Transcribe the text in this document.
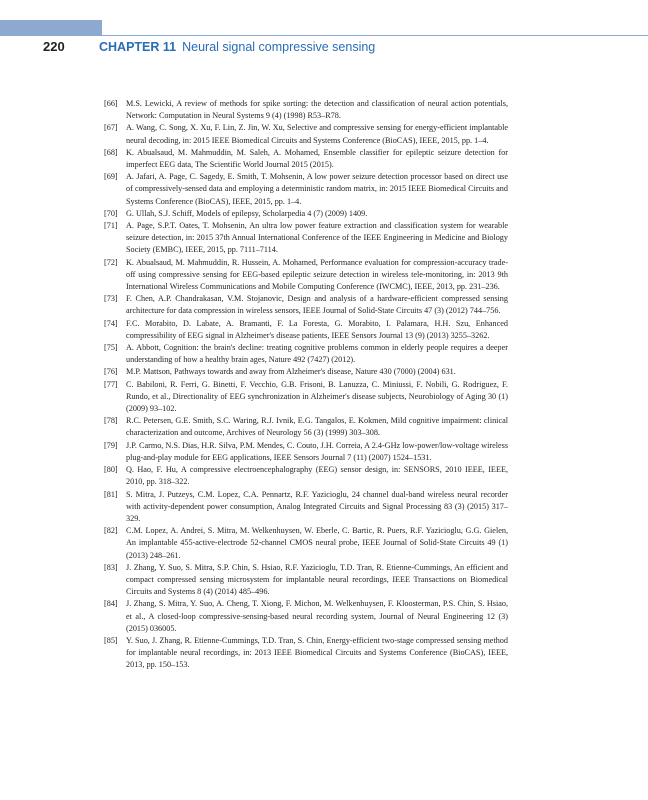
220	CHAPTER 11 Neural signal compressive sensing
[66] M.S. Lewicki, A review of methods for spike sorting: the detection and classification of neural action potentials, Network: Computation in Neural Systems 9 (4) (1998) R53–R78.
[67] A. Wang, C. Song, X. Xu, F. Lin, Z. Jin, W. Xu, Selective and compressive sensing for energy-efficient implantable neural decoding, in: 2015 IEEE Biomedical Circuits and Systems Conference (BioCAS), IEEE, 2015, pp. 1–4.
[68] K. Abualsaud, M. Mahmuddin, M. Saleh, A. Mohamed, Ensemble classifier for epileptic seizure detection for imperfect EEG data, The Scientific World Journal 2015 (2015).
[69] A. Jafari, A. Page, C. Sagedy, E. Smith, T. Mohsenin, A low power seizure detection processor based on direct use of compressively-sensed data and employing a deterministic random matrix, in: 2015 IEEE Biomedical Circuits and Systems Conference (BioCAS), IEEE, 2015, pp. 1–4.
[70] G. Ullah, S.J. Schiff, Models of epilepsy, Scholarpedia 4 (7) (2009) 1409.
[71] A. Page, S.P.T. Oates, T. Mohsenin, An ultra low power feature extraction and classification system for wearable seizure detection, in: 2015 37th Annual International Conference of the IEEE Engineering in Medicine and Biology Society (EMBC), IEEE, 2015, pp. 7111–7114.
[72] K. Abualsaud, M. Mahmuddin, R. Hussein, A. Mohamed, Performance evaluation for compression-accuracy trade-off using compressive sensing for EEG-based epileptic seizure detection in wireless tele-monitoring, in: 2013 9th International Wireless Communications and Mobile Computing Conference (IWCMC), IEEE, 2013, pp. 231–236.
[73] F. Chen, A.P. Chandrakasan, V.M. Stojanovic, Design and analysis of a hardware-efficient compressed sensing architecture for data compression in wireless sensors, IEEE Journal of Solid-State Circuits 47 (3) (2012) 744–756.
[74] F.C. Morabito, D. Labate, A. Bramanti, F. La Foresta, G. Morabito, I. Palamara, H.H. Szu, Enhanced compressibility of EEG signal in Alzheimer's disease patients, IEEE Sensors Journal 13 (9) (2013) 3255–3262.
[75] A. Abbott, Cognition: the brain's decline: treating cognitive problems common in elderly people requires a deeper understanding of how a healthy brain ages, Nature 492 (7427) (2012).
[76] M.P. Mattson, Pathways towards and away from Alzheimer's disease, Nature 430 (7000) (2004) 631.
[77] C. Babiloni, R. Ferri, G. Binetti, F. Vecchio, G.B. Frisoni, B. Lanuzza, C. Miniussi, F. Nobili, G. Rodriguez, F. Rundo, et al., Directionality of EEG synchronization in Alzheimer's disease subjects, Neurobiology of Aging 30 (1) (2009) 93–102.
[78] R.C. Petersen, G.E. Smith, S.C. Waring, R.J. Ivnik, E.G. Tangalos, E. Kokmen, Mild cognitive impairment: clinical characterization and outcome, Archives of Neurology 56 (3) (1999) 303–308.
[79] J.P. Carmo, N.S. Dias, H.R. Silva, P.M. Mendes, C. Couto, J.H. Correia, A 2.4-GHz low-power/low-voltage wireless plug-and-play module for EEG applications, IEEE Sensors Journal 7 (11) (2007) 1524–1531.
[80] Q. Hao, F. Hu, A compressive electroencephalography (EEG) sensor design, in: SENSORS, 2010 IEEE, IEEE, 2010, pp. 318–322.
[81] S. Mitra, J. Putzeys, C.M. Lopez, C.A. Pennartz, R.F. Yazicioglu, 24 channel dual-band wireless neural recorder with activity-dependent power consumption, Analog Integrated Circuits and Signal Processing 83 (3) (2015) 317–329.
[82] C.M. Lopez, A. Andrei, S. Mitra, M. Welkenhuysen, W. Eberle, C. Bartic, R. Puers, R.F. Yazicioglu, G.G. Gielen, An implantable 455-active-electrode 52-channel CMOS neural probe, IEEE Journal of Solid-State Circuits 49 (1) (2013) 248–261.
[83] J. Zhang, Y. Suo, S. Mitra, S.P. Chin, S. Hsiao, R.F. Yazicioglu, T.D. Tran, R. Etienne-Cummings, An efficient and compact compressed sensing microsystem for implantable neural recordings, IEEE Transactions on Biomedical Circuits and Systems 8 (4) (2014) 485–496.
[84] J. Zhang, S. Mitra, Y. Suo, A. Cheng, T. Xiong, F. Michon, M. Welkenhuysen, F. Kloosterman, P.S. Chin, S. Hsiao, et al., A closed-loop compressive-sensing-based neural recording system, Journal of Neural Engineering 12 (3) (2015) 036005.
[85] Y. Suo, J. Zhang, R. Etienne-Cummings, T.D. Tran, S. Chin, Energy-efficient two-stage compressed sensing method for implantable neural recordings, in: 2013 IEEE Biomedical Circuits and Systems Conference (BioCAS), IEEE, 2013, pp. 150–153.
